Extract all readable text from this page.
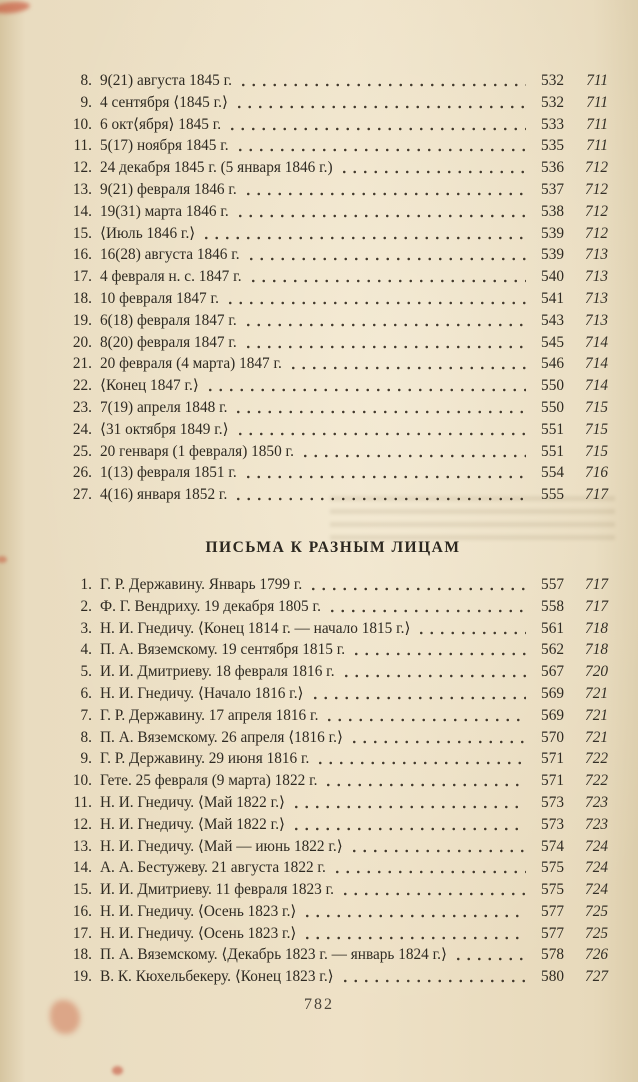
8. 9(21) августа 1845 г.	532	711
9. 4 сентября ⟨1845 г.⟩	532	711
10. 6 окт⟨ября⟩ 1845 г.	533	711
11. 5(17) ноября 1845 г.	535	711
12. 24 декабря 1845 г. (5 января 1846 г.)	536	712
13. 9(21) февраля 1846 г.	537	712
14. 19(31) марта 1846 г.	538	712
15. ⟨Июль 1846 г.⟩	539	712
16. 16(28) августа 1846 г.	539	713
17. 4 февраля н. с. 1847 г.	540	713
18. 10 февраля 1847 г.	541	713
19. 6(18) февраля 1847 г.	543	713
20. 8(20) февраля 1847 г.	545	714
21. 20 февраля (4 марта) 1847 г.	546	714
22. ⟨Конец 1847 г.⟩	550	714
23. 7(19) апреля 1848 г.	550	715
24. ⟨31 октября 1849 г.⟩	551	715
25. 20 генваря (1 февраля) 1850 г.	551	715
26. 1(13) февраля 1851 г.	554	716
27. 4(16) января 1852 г.	555	717
ПИСЬМА К РАЗНЫМ ЛИЦАМ
1. Г. Р. Державину. Январь 1799 г.	557	717
2. Ф. Г. Вендриху. 19 декабря 1805 г.	558	717
3. Н. И. Гнедичу. ⟨Конец 1814 г. — начало 1815 г.⟩	561	718
4. П. А. Вяземскому. 19 сентября 1815 г.	562	718
5. И. И. Дмитриеву. 18 февраля 1816 г.	567	720
6. Н. И. Гнедичу. ⟨Начало 1816 г.⟩	569	721
7. Г. Р. Державину. 17 апреля 1816 г.	569	721
8. П. А. Вяземскому. 26 апреля ⟨1816 г.⟩	570	721
9. Г. Р. Державину. 29 июня 1816 г.	571	722
10. Гете. 25 февраля (9 марта) 1822 г.	571	722
11. Н. И. Гнедичу. ⟨Май 1822 г.⟩	573	723
12. Н. И. Гнедичу. ⟨Май 1822 г.⟩	573	723
13. Н. И. Гнедичу. ⟨Май — июнь 1822 г.⟩	574	724
14. А. А. Бестужеву. 21 августа 1822 г.	575	724
15. И. И. Дмитриеву. 11 февраля 1823 г.	575	724
16. Н. И. Гнедичу. ⟨Осень 1823 г.⟩	577	725
17. Н. И. Гнедичу. ⟨Осень 1823 г.⟩	577	725
18. П. А. Вяземскому. ⟨Декабрь 1823 г. — январь 1824 г.⟩	578	726
19. В. К. Кюхельбекеру. ⟨Конец 1823 г.⟩	580	727
782
